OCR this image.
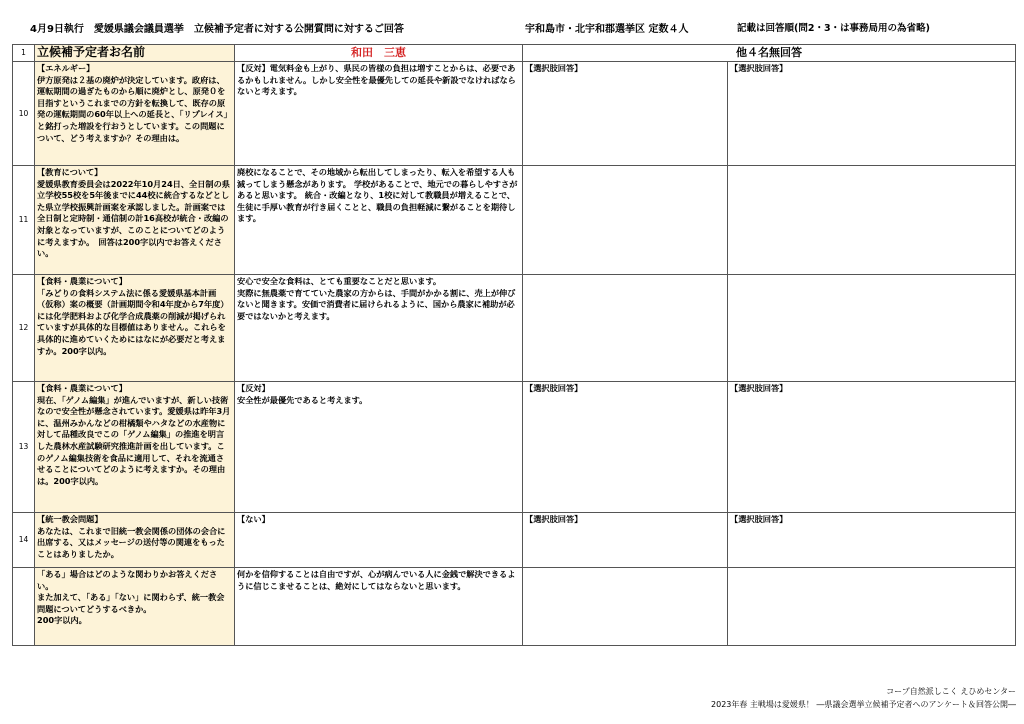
4月9日執行　愛媛県議会議員選挙　立候補予定者に対する公開質問に対するご回答	宇和島市・北宇和郡選挙区 定数４人	記載は回答順(問2・3・は事務局用の為省略)
1	立候補予定者お名前	和田　三恵	他４名無回答	
10	【エネルギー】
伊方原発は２基の廃炉が決定しています。政府は、運転期間の過ぎたものから順に廃炉とし、原発０を目指すというこれまでの方針を転換して、既存の原発の運転期間の60年以上への延長と、「リプレイス」と銘打った増設を行おうとしています。この問題について、どう考えますか？その理由は。	【反対】電気料金も上がり、県民の皆様の負担は増すことからは、必要であるかもしれません。しかし安全性を最優先しての延長や新設でなければならないと考えます。	【選択肢回答】	【選択肢回答】
11	【教育について】
愛媛県教育委員会は2022年10月24日、全日制の県立学校55校を5年後までに44校に統合するなどとした県立学校振興計画案を承認しました。計画案では全日制と定時制・通信制の計16高校が統合・改編の対象となっていますが、このことについてどのように考えますか。　回答は200字以内でお答えください。	廃校になることで、その地域から転出してしまったり、転入を希望する人も減ってしまう懸念があります。 学校があることで、地元での暮らしやすさがあると思います。 統合・改編となり、1校に対して教職員が増えることで、生徒に手厚い教育が行き届くことと、職員の負担軽減に繋がることを期待します。		
12	【食料・農業について】
「みどりの食料システム法に係る愛媛県基本計画（仮称）案の概要（計画期間令和4年度から7年度）には化学肥料および化学合成農薬の削減が掲げられていますが具体的な目標値はありません。これらを具体的に進めていくためにはなにが必要だと考えますか。200字以内。	安心で安全な食料は、とても重要なことだと思います。
実際に無農薬で育てていた農家の方からは、手間がかかる割に、売上が伸びないと聞きます。安価で消費者に届けられるように、国から農家に補助が必要ではないかと考えます。		
13	【食料・農業について】
現在、「ゲノム編集」が進んでいますが、新しい技術なので安全性が懸念されています。愛媛県は昨年3月に、温州みかんなどの柑橘類やハタなどの水産物に対して品種改良でこの「ゲノム編集」の推進を明言した農林水産試験研究推進計画を出しています。このゲノム編集技術を食品に適用して、それを流通させることについてどのように考えますか。その理由は。200字以内。	【反対】
安全性が最優先であると考えます。	【選択肢回答】	【選択肢回答】
14	【統一教会問題】
あなたは、これまで旧統一教会関係の団体の会合に出席する、又はメッセージの送付等の関連をもったことはありましたか。	【ない】	【選択肢回答】	【選択肢回答】
	「ある」場合はどのような関わりかお答えください。
また加えて、「ある」「ない」に関わらず、統一教会問題についてどうするべきか。
200字以内。	何かを信仰することは自由ですが、心が病んでいる人に金銭で解決できるように信じこませることは、絶対にしてはならないと思います。		
コープ自然派しこく えひめセンター
2023年春 主戦場は愛媛県！ ―県議会選挙立候補予定者へのアンケート＆回答公開―
